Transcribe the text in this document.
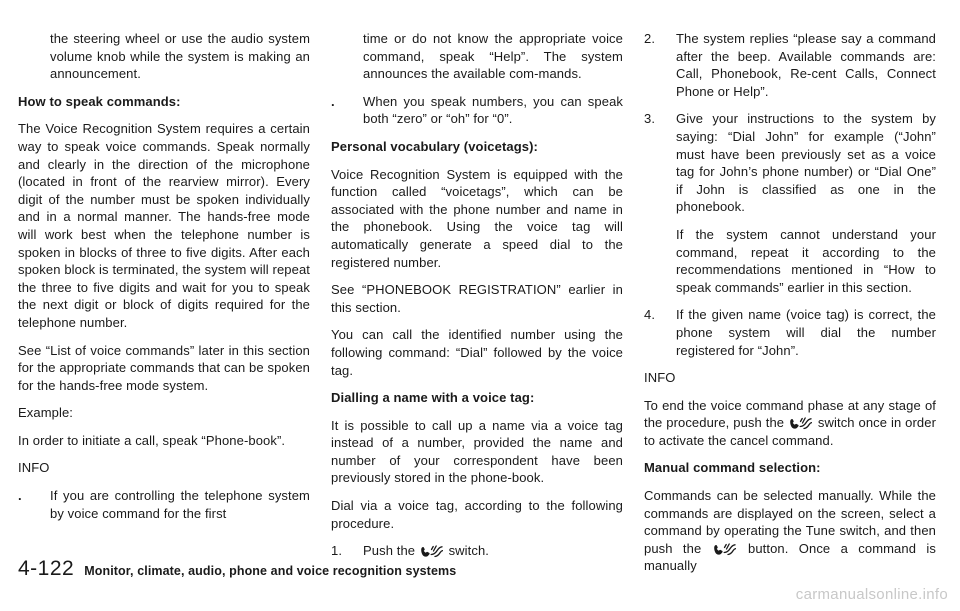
the steering wheel or use the audio system volume knob while the system is making an announcement.

How to speak commands:

The Voice Recognition System requires a certain way to speak voice commands. Speak normally and clearly in the direction of the microphone (located in front of the rearview mirror). Every digit of the number must be spoken individually and in a normal manner. The hands-free mode will work best when the telephone number is spoken in blocks of three to five digits. After each spoken block is terminated, the system will repeat the three to five digits and wait for you to speak the next digit or block of digits required for the telephone number.

See “List of voice commands” later in this section for the appropriate commands that can be spoken for the hands-free mode system.

Example:

In order to initiate a call, speak “Phone-book”.

INFO

. If you are controlling the telephone system by voice command for the first

time or do not know the appropriate voice command, speak “Help”. The system announces the available com-mands.

. When you speak numbers, you can speak both “zero” or “oh” for “0”.

Personal vocabulary (voicetags):

Voice Recognition System is equipped with the function called “voicetags”, which can be associated with the phone number and name in the phonebook. Using the voice tag will automatically generate a speed dial to the registered number.

See “PHONEBOOK REGISTRATION” earlier in this section.

You can call the identified number using the following command: “Dial” followed by the voice tag.

Dialling a name with a voice tag:

It is possible to call up a name via a voice tag instead of a number, provided the name and number of your correspondent have been previously stored in the phone-book.

Dial via a voice tag, according to the following procedure.

1. Push the	switch.
2. The system replies “please say a command after the beep. Available commands are: Call, Phonebook, Re-cent Calls, Connect Phone or Help”.
3. Give your instructions to the system by saying: “Dial John” for example (“John” must have been previously set as a voice tag for John’s phone number) or “Dial One” if John is classified as one in the phonebook.

If the system cannot understand your command, repeat it according to the recommendations mentioned in “How to speak commands” earlier in this section.

4. If the given name (voice tag) is correct, the phone system will dial the number registered for “John”.

INFO

To end the voice command phase at any stage of the procedure, push the	switch once in order to activate the cancel command.

Manual command selection:

Commands can be selected manually. While the commands are displayed on the screen, select a command by operating the Tune switch, and then push the	button. Once a command is manually

4-122 Monitor, climate, audio, phone and voice recognition systems
carmanualsonline.info
